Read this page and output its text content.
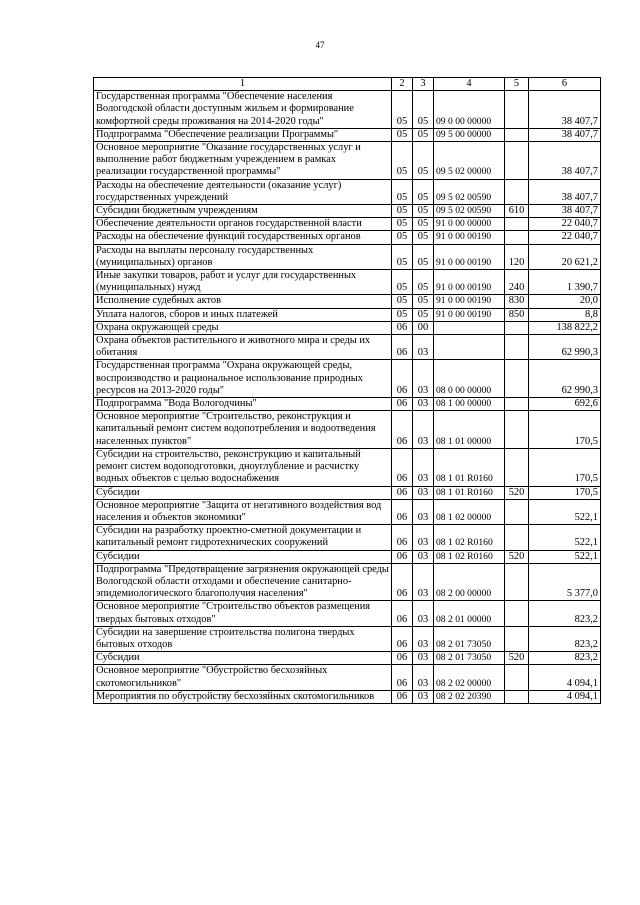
47
1	2	3	4	5	6
Государственная программа "Обеспечение населения Вологодской области доступным жильем и формирование комфортной среды проживания на 2014-2020 годы"	05	05	09 0 00 00000		38 407,7
Подпрограмма "Обеспечение реализации Программы"	05	05	09 5 00 00000		38 407,7
Основное мероприятие "Оказание государственных услуг и выполнение работ бюджетным учреждением в рамках реализации государственной программы"	05	05	09 5 02 00000		38 407,7
Расходы на обеспечение деятельности (оказание услуг) государственных учреждений	05	05	09 5 02 00590		38 407,7
Субсидии бюджетным учреждениям	05	05	09 5 02 00590	610	38 407,7
Обеспечение деятельности органов государственной власти	05	05	91 0 00 00000		22 040,7
Расходы на обеспечение функций государственных органов	05	05	91 0 00 00190		22 040,7
Расходы на выплаты персоналу государственных (муниципальных) органов	05	05	91 0 00 00190	120	20 621,2
Иные закупки товаров, работ и услуг для государственных (муниципальных) нужд	05	05	91 0 00 00190	240	1 390,7
Исполнение судебных актов	05	05	91 0 00 00190	830	20,0
Уплата налогов, сборов и иных платежей	05	05	91 0 00 00190	850	8,8
Охрана окружающей среды	06	00			138 822,2
Охрана объектов растительного и животного мира и среды их обитания	06	03			62 990,3
Государственная программа "Охрана окружающей среды, воспроизводство и рациональное использование природных ресурсов на 2013-2020 годы"	06	03	08 0 00 00000		62 990,3
Подпрограмма "Вода Вологодчины"	06	03	08 1 00 00000		692,6
Основное мероприятие "Строительство, реконструкция и капитальный ремонт систем водопотребления и водоотведения населенных пунктов"	06	03	08 1 01 00000		170,5
Субсидии на строительство, реконструкцию и капитальный ремонт систем водоподготовки, дноуглубление и расчистку водных объектов с целью водоснабжения	06	03	08 1 01 R0160		170,5
Субсидии	06	03	08 1 01 R0160	520	170,5
Основное мероприятие "Защита от негативного воздействия вод населения и объектов экономики"	06	03	08 1 02 00000		522,1
Субсидии на разработку проектно-сметной документации и капитальный ремонт гидротехнических сооружений	06	03	08 1 02 R0160		522,1
Субсидии	06	03	08 1 02 R0160	520	522,1
Подпрограмма "Предотвращение загрязнения окружающей среды Вологодской области отходами и обеспечение санитарно-эпидемиологического благополучия населения"	06	03	08 2 00 00000		5 377,0
Основное мероприятие "Строительство объектов размещения твердых бытовых отходов"	06	03	08 2 01 00000		823,2
Субсидии на завершение строительства полигона твердых бытовых отходов	06	03	08 2 01 73050		823,2
Субсидии	06	03	08 2 01 73050	520	823,2
Основное мероприятие "Обустройство бесхозяйных скотомогильников"	06	03	08 2 02 00000		4 094,1
Мероприятия по обустройству бесхозяйных скотомогильников	06	03	08 2 02 20390		4 094,1
